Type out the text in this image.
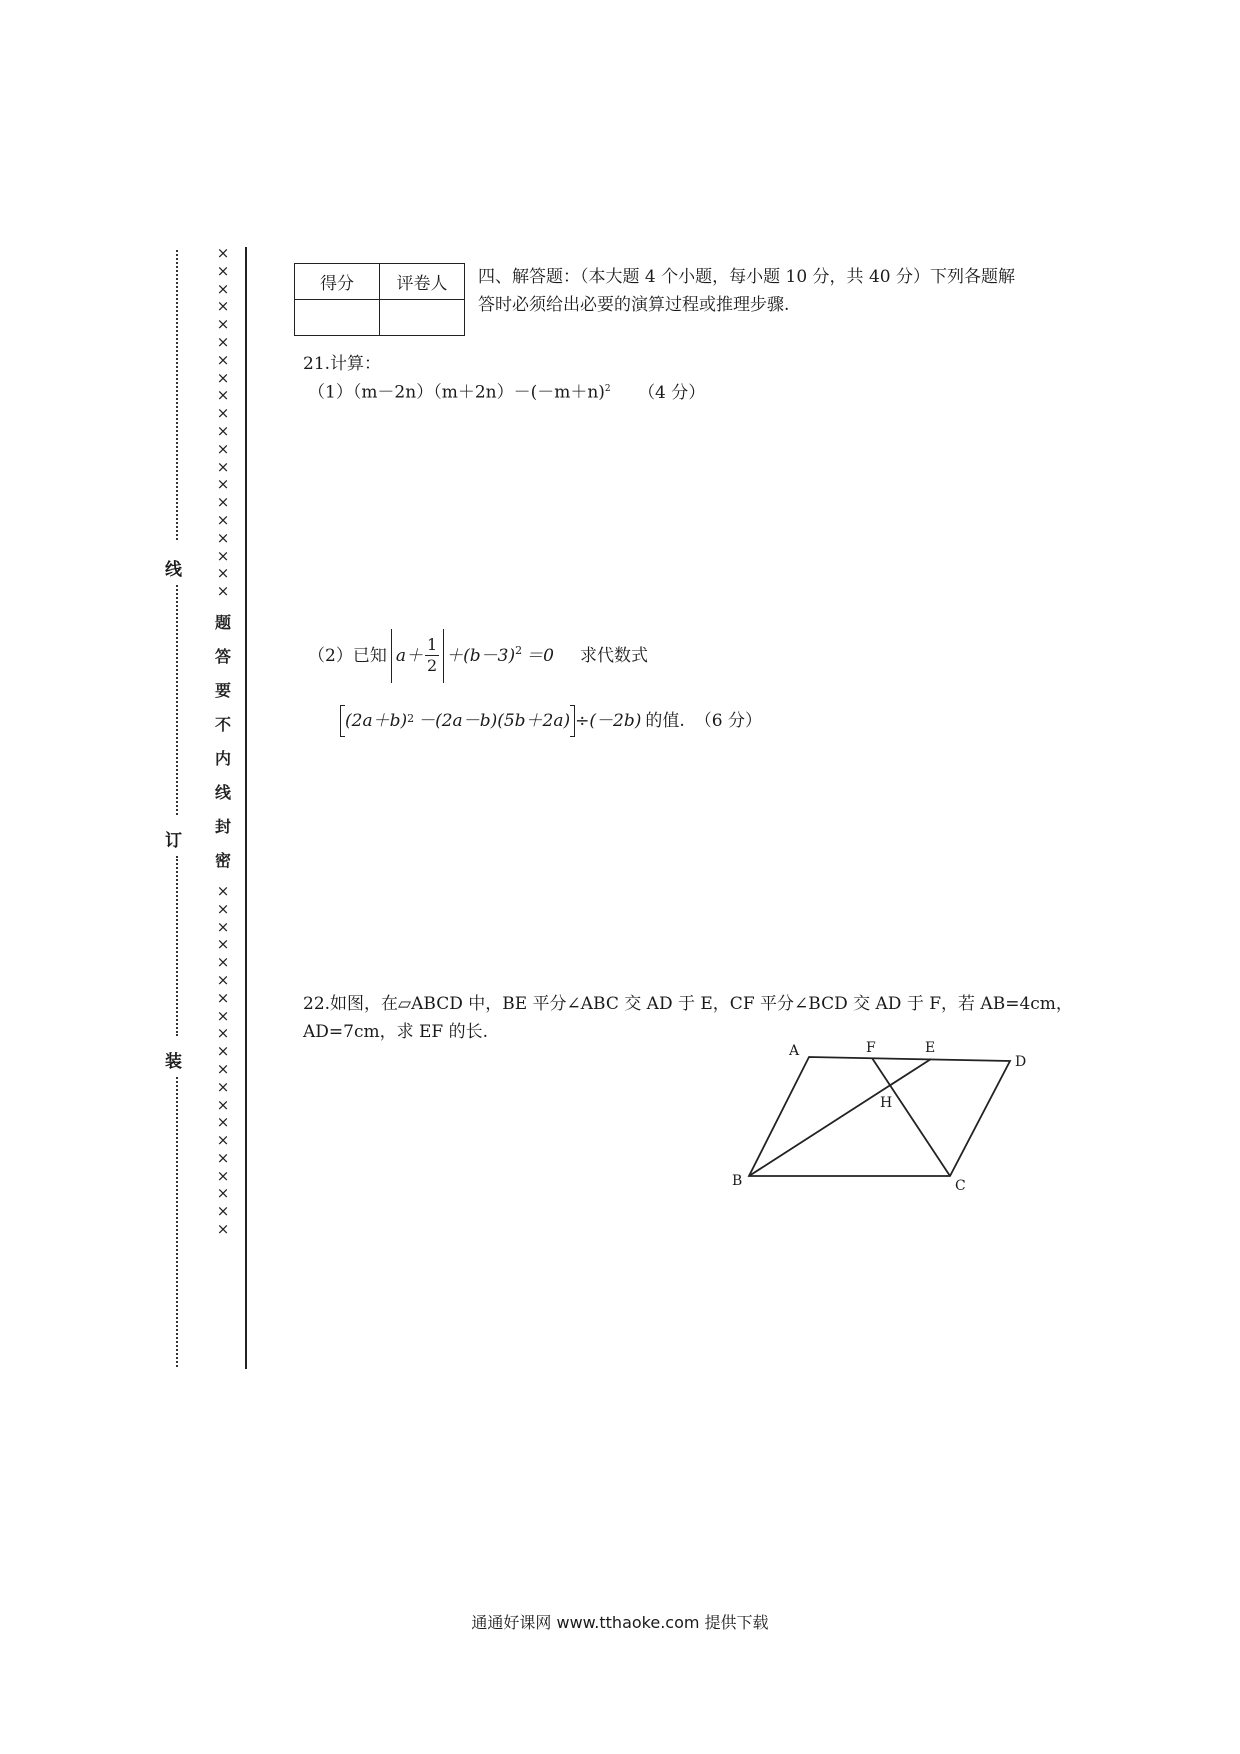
线
订
装
×
×
×
×
×
×
×
×
×
×
×
×
×
×
×
×
×
×
×
×
题
答
要
不
内
线
封
密
×
×
×
×
×
×
×
×
×
×
×
×
×
×
×
×
×
×
×
×
得分	评卷人
	四、解答题：（本大题 4 个小题，每小题 10 分，共 40 分）下列各题解
答时必须给出必要的演算过程或推理步骤.
21.计算：
$(1)(m-2n)(m+2n)-(-m+n)^2$ （4 分）
（2）已知 $a+ \frac{1}{2} +(b-3)^2 =0$ 求代数式
(2a＋b) 2 －(2a－b)(5b＋2a) ÷(－2b) 的值. （6 分）
22.如图，在▱ABCD 中，BE 平分∠ABC 交 AD 于 E，CF 平分∠BCD 交 AD 于 F，若 AB=4cm，
AD=7cm，求 EF 的长.
A	F	E
D
H
B	C
通通好课网 www.tthaoke.com 提供下载
